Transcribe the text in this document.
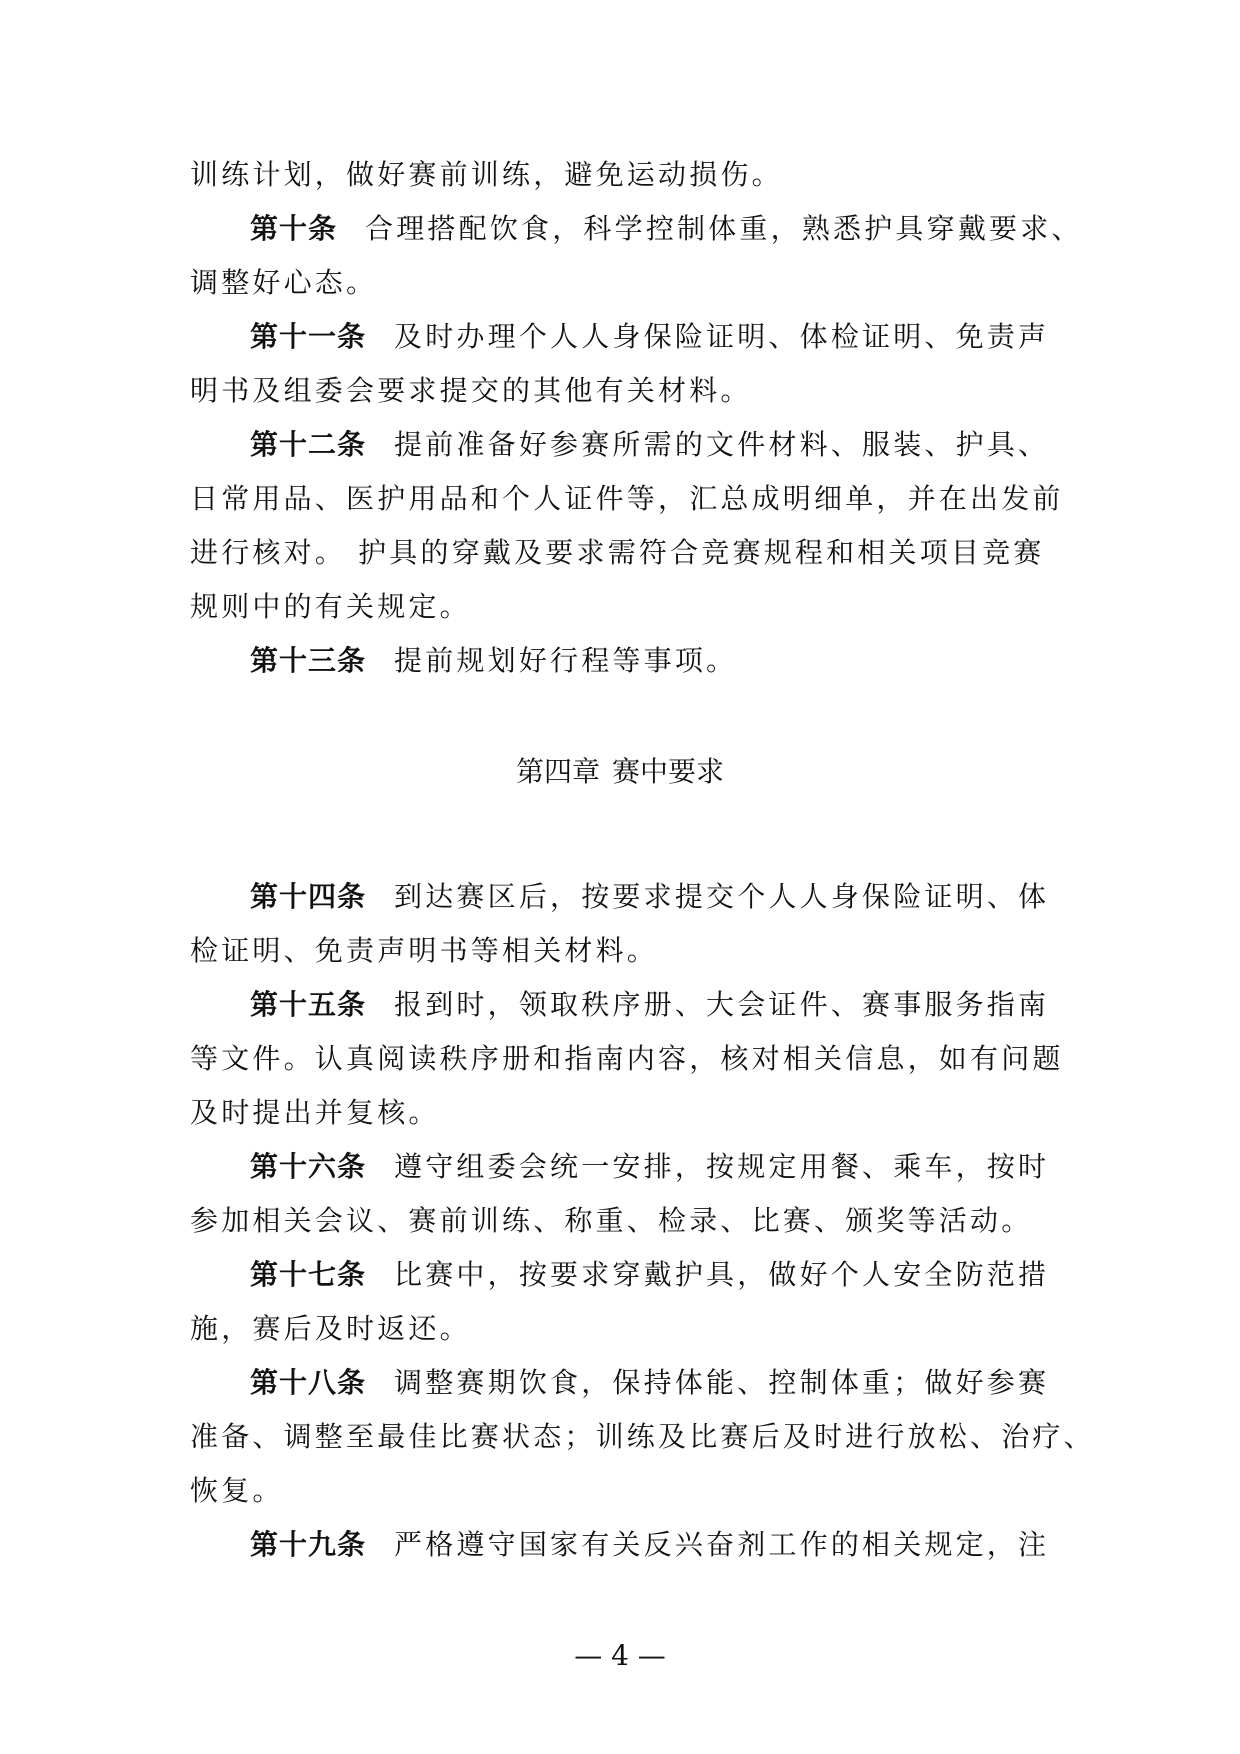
训练计划，做好赛前训练，避免运动损伤。
第十条 合理搭配饮食，科学控制体重，熟悉护具穿戴要求、
调整好心态。
第十一条 及时办理个人人身保险证明、体检证明、免责声
明书及组委会要求提交的其他有关材料。
第十二条 提前准备好参赛所需的文件材料、服装、护具、
日常用品、医护用品和个人证件等，汇总成明细单，并在出发前
进行核对。 护具的穿戴及要求需符合竞赛规程和相关项目竞赛
规则中的有关规定。
第十三条 提前规划好行程等事项。
第四章 赛中要求
第十四条 到达赛区后，按要求提交个人人身保险证明、体
检证明、免责声明书等相关材料。
第十五条 报到时，领取秩序册、大会证件、赛事服务指南
等文件。认真阅读秩序册和指南内容，核对相关信息，如有问题
及时提出并复核。
第十六条 遵守组委会统一安排，按规定用餐、乘车，按时
参加相关会议、赛前训练、称重、检录、比赛、颁奖等活动。
第十七条 比赛中，按要求穿戴护具，做好个人安全防范措
施，赛后及时返还。
第十八条 调整赛期饮食，保持体能、控制体重；做好参赛
准备、调整至最佳比赛状态；训练及比赛后及时进行放松、治疗、
恢复。
第十九条 严格遵守国家有关反兴奋剂工作的相关规定，注
— 4 —
